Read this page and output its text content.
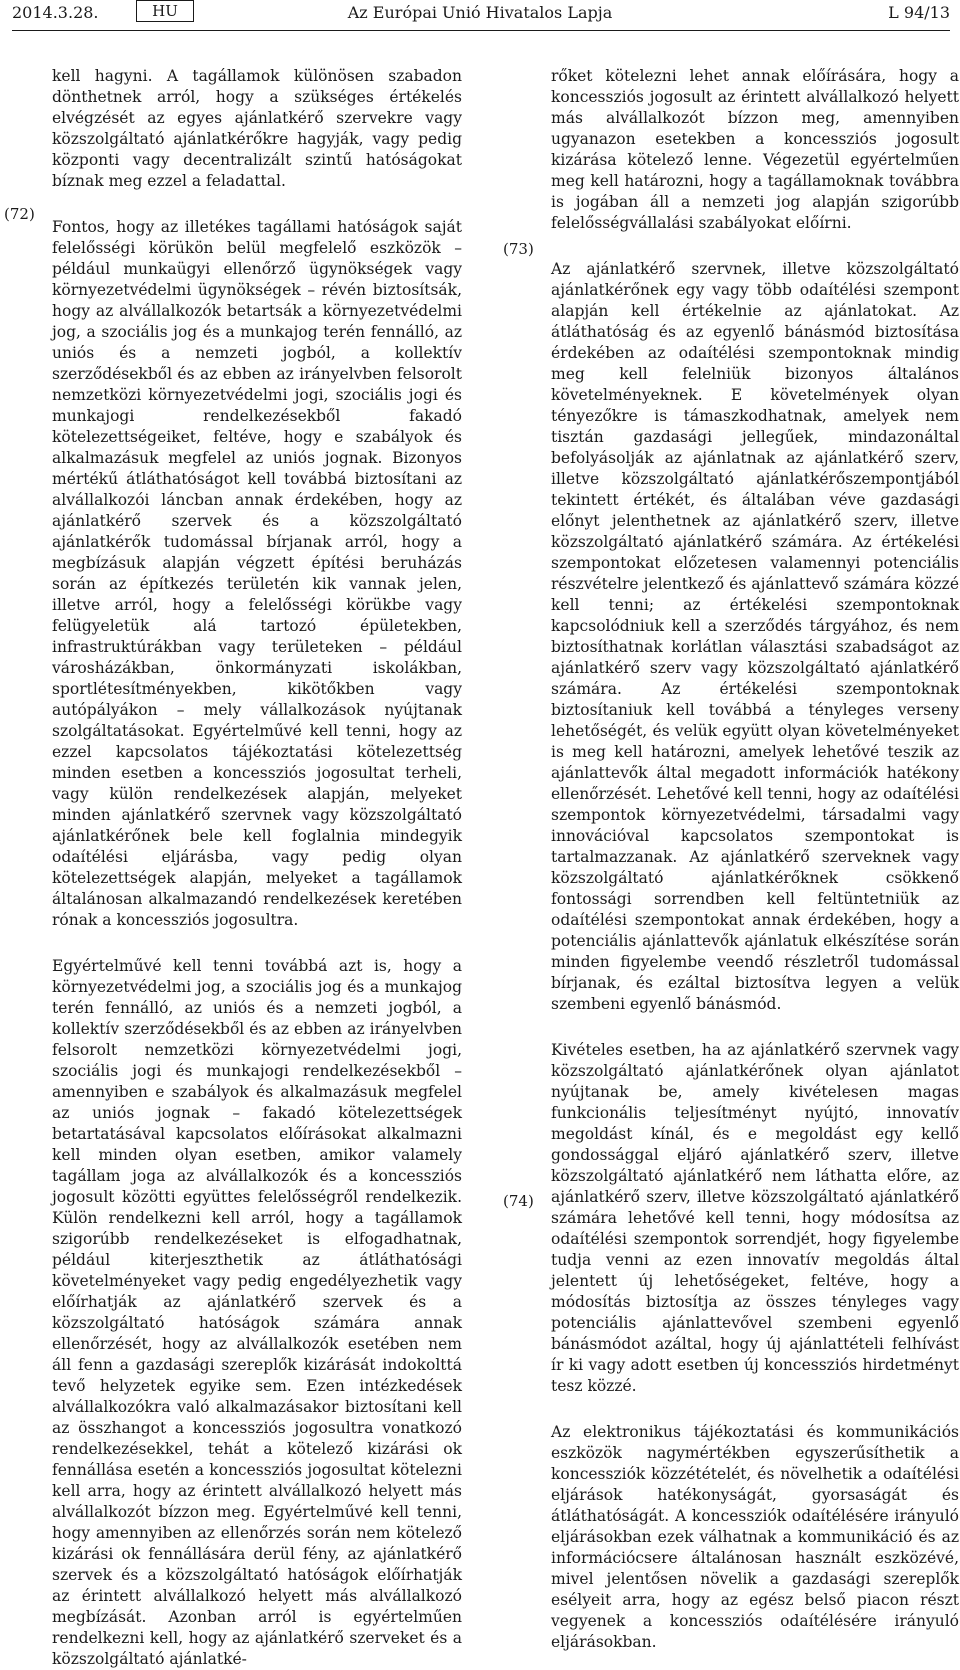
2014.3.28.	HU	Az Európai Unió Hivatalos Lapja	L 94/13
(72)
(73)
(74)

kell hagyni. A tagállamok különösen szabadon dönthetnek arról, hogy a szükséges értékelés elvégzését az egyes ajánlatkérő szervekre vagy közszolgáltató ajánlatkérőkre hagyják, vagy pedig központi vagy decentralizált szintű hatóságokat bíznak meg ezzel a feladattal.

Fontos, hogy az illetékes tagállami hatóságok saját felelősségi körükön belül megfelelő eszközök – például munkaügyi ellenőrző ügynökségek vagy környezetvédelmi ügynökségek – révén biztosítsák, hogy az alvállalkozók betartsák a környezetvédelmi jog, a szociális jog és a munkajog terén fennálló, az uniós és a nemzeti jogból, a kollektív szerződésekből és az ebben az irányelvben felsorolt nemzetközi környezetvédelmi jogi, szociális jogi és munkajogi rendelkezésekből fakadó kötelezettségeiket, feltéve, hogy e szabályok és alkalmazásuk megfelel az uniós jognak. Bizonyos mértékű átláthatóságot kell továbbá biztosítani az alvállalkozói láncban annak érdekében, hogy az ajánlatkérő szervek és a közszolgáltató ajánlatkérők tudomással bírjanak arról, hogy a megbízásuk alapján végzett építési beruházás során az építkezés területén kik vannak jelen, illetve arról, hogy a felelősségi körükbe vagy felügyeletük alá tartozó épületekben, infrastruktúrákban vagy területeken – például városházákban, önkormányzati iskolákban, sportlétesítményekben, kikötőkben vagy autópályákon – mely vállalkozások nyújtanak szolgáltatásokat. Egyértelművé kell tenni, hogy az ezzel kapcsolatos tájékoztatási kötelezettség minden esetben a koncessziós jogosultat terheli, vagy külön rendelkezések alapján, melyeket minden ajánlatkérő szervnek vagy közszolgáltató ajánlatkérőnek bele kell foglalnia mindegyik odaítélési eljárásba, vagy pedig olyan kötelezettségek alapján, melyeket a tagállamok általánosan alkalmazandó rendelkezések keretében rónak a koncessziós jogosultra.

Egyértelművé kell tenni továbbá azt is, hogy a környezetvédelmi jog, a szociális jog és a munkajog terén fennálló, az uniós és a nemzeti jogból, a kollektív szerződésekből és az ebben az irányelvben felsorolt nemzetközi környezetvédelmi jogi, szociális jogi és munkajogi rendelkezésekből – amennyiben e szabályok és alkalmazásuk megfelel az uniós jognak – fakadó kötelezettségek betartatásával kapcsolatos előírásokat alkalmazni kell minden olyan esetben, amikor valamely tagállam joga az alvállalkozók és a koncessziós jogosult közötti együttes felelősségről rendelkezik. Külön rendelkezni kell arról, hogy a tagállamok szigorúbb rendelkezéseket is elfogadhatnak, például kiterjeszthetik az átláthatósági követelményeket vagy pedig engedélyezhetik vagy előírhatják az ajánlatkérő szervek és a közszolgáltató hatóságok számára annak ellenőrzését, hogy az alvállalkozók esetében nem áll fenn a gazdasági szereplők kizárását indokolttá tevő helyzetek egyike sem. Ezen intézkedések alvállalkozókra való alkalmazásakor biztosítani kell az összhangot a koncessziós jogosultra vonatkozó rendelkezésekkel, tehát a kötelező kizárási ok fennállása esetén a koncessziós jogosultat kötelezni kell arra, hogy az érintett alvállalkozó helyett más alvállalkozót bízzon meg. Egyértelművé kell tenni, hogy amennyiben az ellenőrzés során nem kötelező kizárási ok fennállására derül fény, az ajánlatkérő szervek és a közszolgáltató hatóságok előírhatják az érintett alvállalkozó helyett más alvállalkozó megbízását. Azonban arról is egyértelműen rendelkezni kell, hogy az ajánlatkérő szerveket és a közszolgáltató ajánlatké-

rőket kötelezni lehet annak előírására, hogy a koncessziós jogosult az érintett alvállalkozó helyett más alvállalkozót bízzon meg, amennyiben ugyanazon esetekben a koncessziós jogosult kizárása kötelező lenne. Végezetül egyértelműen meg kell határozni, hogy a tagállamoknak továbbra is jogában áll a nemzeti jog alapján szigorúbb felelősségvállalási szabályokat előírni.

Az ajánlatkérő szervnek, illetve közszolgáltató ajánlatkérőnek egy vagy több odaítélési szempont alapján kell értékelnie az ajánlatokat. Az átláthatóság és az egyenlő bánásmód biztosítása érdekében az odaítélési szempontoknak mindig meg kell felelniük bizonyos általános követelményeknek. E követelmények olyan tényezőkre is támaszkodhatnak, amelyek nem tisztán gazdasági jellegűek, mindazonáltal befolyásolják az ajánlatnak az ajánlatkérő szerv, illetve közszolgáltató ajánlatkérőszempontjából tekintett értékét, és általában véve gazdasági előnyt jelenthetnek az ajánlatkérő szerv, illetve közszolgáltató ajánlatkérő számára. Az értékelési szempontokat előzetesen valamennyi potenciális részvételre jelentkező és ajánlattevő számára közzé kell tenni; az értékelési szempontoknak kapcsolódniuk kell a szerződés tárgyához, és nem biztosíthatnak korlátlan választási szabadságot az ajánlatkérő szerv vagy közszolgáltató ajánlatkérő számára. Az értékelési szempontoknak biztosítaniuk kell továbbá a tényleges verseny lehetőségét, és velük együtt olyan követelményeket is meg kell határozni, amelyek lehetővé teszik az ajánlattevők által megadott információk hatékony ellenőrzését. Lehetővé kell tenni, hogy az odaítélési szempontok környezetvédelmi, társadalmi vagy innovációval kapcsolatos szempontokat is tartalmazzanak. Az ajánlatkérő szerveknek vagy közszolgáltató ajánlatkérőknek csökkenő fontossági sorrendben kell feltüntetniük az odaítélési szempontokat annak érdekében, hogy a potenciális ajánlattevők ajánlatuk elkészítése során minden figyelembe veendő részletről tudomással bírjanak, és ezáltal biztosítva legyen a velük szembeni egyenlő bánásmód.

Kivételes esetben, ha az ajánlatkérő szervnek vagy közszolgáltató ajánlatkérőnek olyan ajánlatot nyújtanak be, amely kivételesen magas funkcionális teljesítményt nyújtó, innovatív megoldást kínál, és e megoldást egy kellő gondossággal eljáró ajánlatkérő szerv, illetve közszolgáltató ajánlatkérő nem láthatta előre, az ajánlatkérő szerv, illetve közszolgáltató ajánlatkérő számára lehetővé kell tenni, hogy módosítsa az odaítélési szempontok sorrendjét, hogy figyelembe tudja venni az ezen innovatív megoldás által jelentett új lehetőségeket, feltéve, hogy a módosítás biztosítja az összes tényleges vagy potenciális ajánlattevővel szembeni egyenlő bánásmódot azáltal, hogy új ajánlattételi felhívást ír ki vagy adott esetben új koncessziós hirdetményt tesz közzé.

Az elektronikus tájékoztatási és kommunikációs eszközök nagymértékben egyszerűsíthetik a koncessziók közzétételét, és növelhetik a odaítélési eljárások hatékonyságát, gyorsaságát és átláthatóságát. A koncessziók odaítélésére irányuló eljárásokban ezek válhatnak a kommunikáció és az információcsere általánosan használt eszközévé, mivel jelentősen növelik a gazdasági szereplők esélyeit arra, hogy az egész belső piacon részt vegyenek a koncessziós odaítélésére irányuló eljárásokban.
